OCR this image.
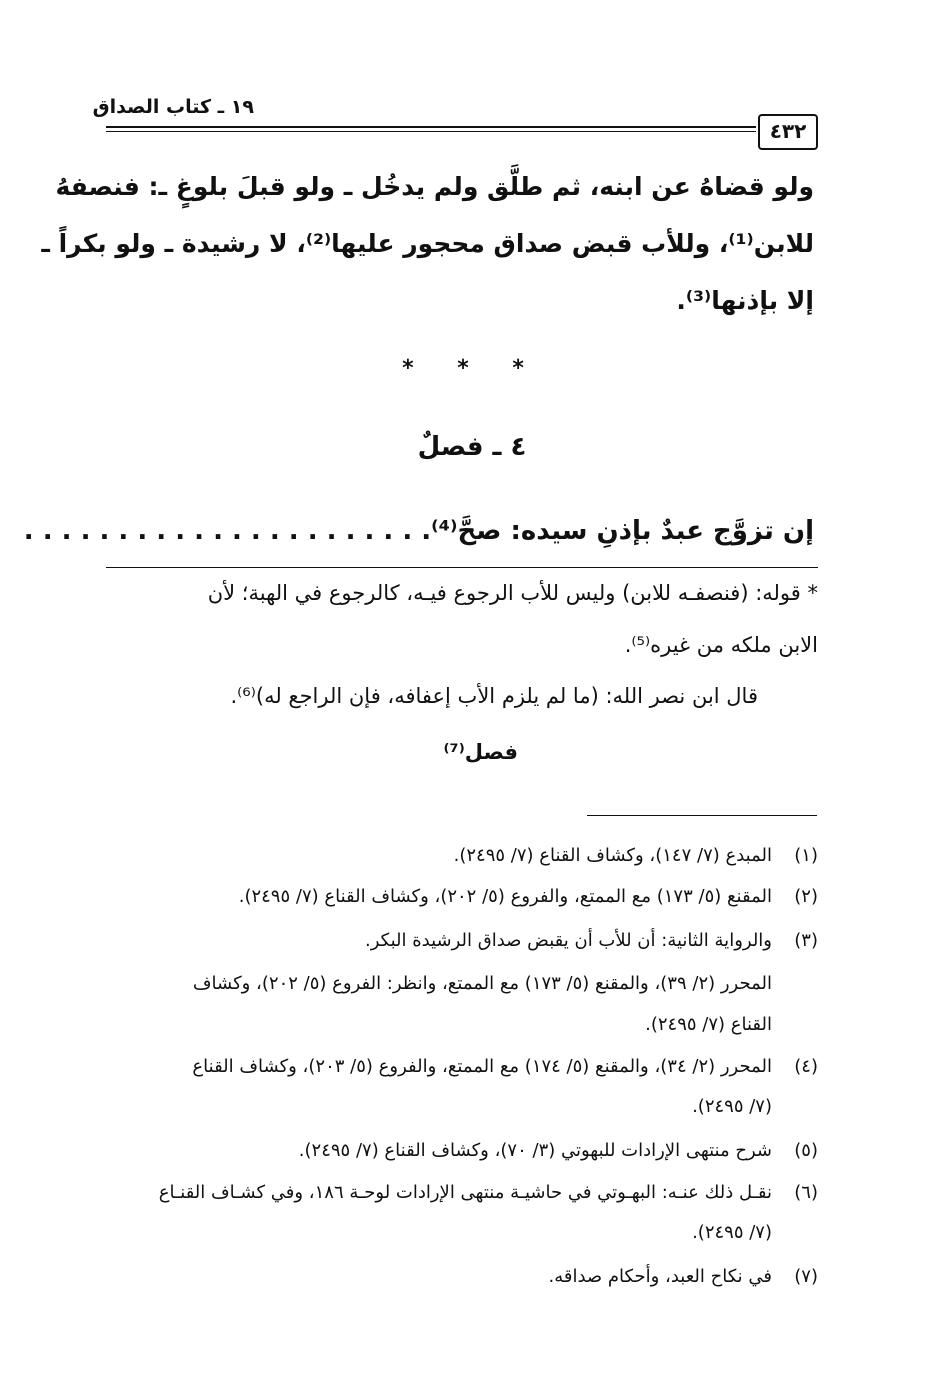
١٩ ـ كتاب الصداق
٤٣٢
ولو قضاهُ عن ابنه، ثم طلَّق ولم يدخُل ـ ولو قبلَ بلوغٍ ـ: فنصفهُ
للابن⁽¹⁾، وللأب قبض صداق محجور عليها⁽²⁾، لا رشيدة ـ ولو بكراً ـ
إلا بإذنها⁽³⁾.
* * *
٤ ـ فصلٌ
إن تزوَّج عبدٌ بإذنِ سيده: صحَّ⁽⁴⁾. . . . . . . . . . . . . . . . . . . . . .
* قوله: (فنصفـه للابن) وليس للأب الرجوع فيـه، كالرجوع في الهبة؛ لأن
الابن ملكه من غيره⁽⁵⁾.
قال ابن نصر الله: (ما لم يلزم الأب إعفافه، فإن الراجع له)⁽⁶⁾.
فصل⁽⁷⁾
(١)
المبدع (٧/ ١٤٧)، وكشاف القناع (٧/ ٢٤٩٥).
(٢)
المقنع (٥/ ١٧٣) مع الممتع، والفروع (٥/ ٢٠٢)، وكشاف القناع (٧/ ٢٤٩٥).
(٣)
والرواية الثانية: أن للأب أن يقبض صداق الرشيدة البكر.
المحرر (٢/ ٣٩)، والمقنع (٥/ ١٧٣) مع الممتع، وانظر: الفروع (٥/ ٢٠٢)، وكشاف
القناع (٧/ ٢٤٩٥).
(٤)
المحرر (٢/ ٣٤)، والمقنع (٥/ ١٧٤) مع الممتع، والفروع (٥/ ٢٠٣)، وكشاف القناع
(٧/ ٢٤٩٥).
(٥)
شرح منتهى الإرادات للبهوتي (٣/ ٧٠)، وكشاف القناع (٧/ ٢٤٩٥).
(٦)
نقـل ذلك عنـه: البهـوتي في حاشيـة منتهى الإرادات لوحـة ١٨٦، وفي كشـاف القنـاع
(٧/ ٢٤٩٥).
(٧)
في نكاح العبد، وأحكام صداقه.
